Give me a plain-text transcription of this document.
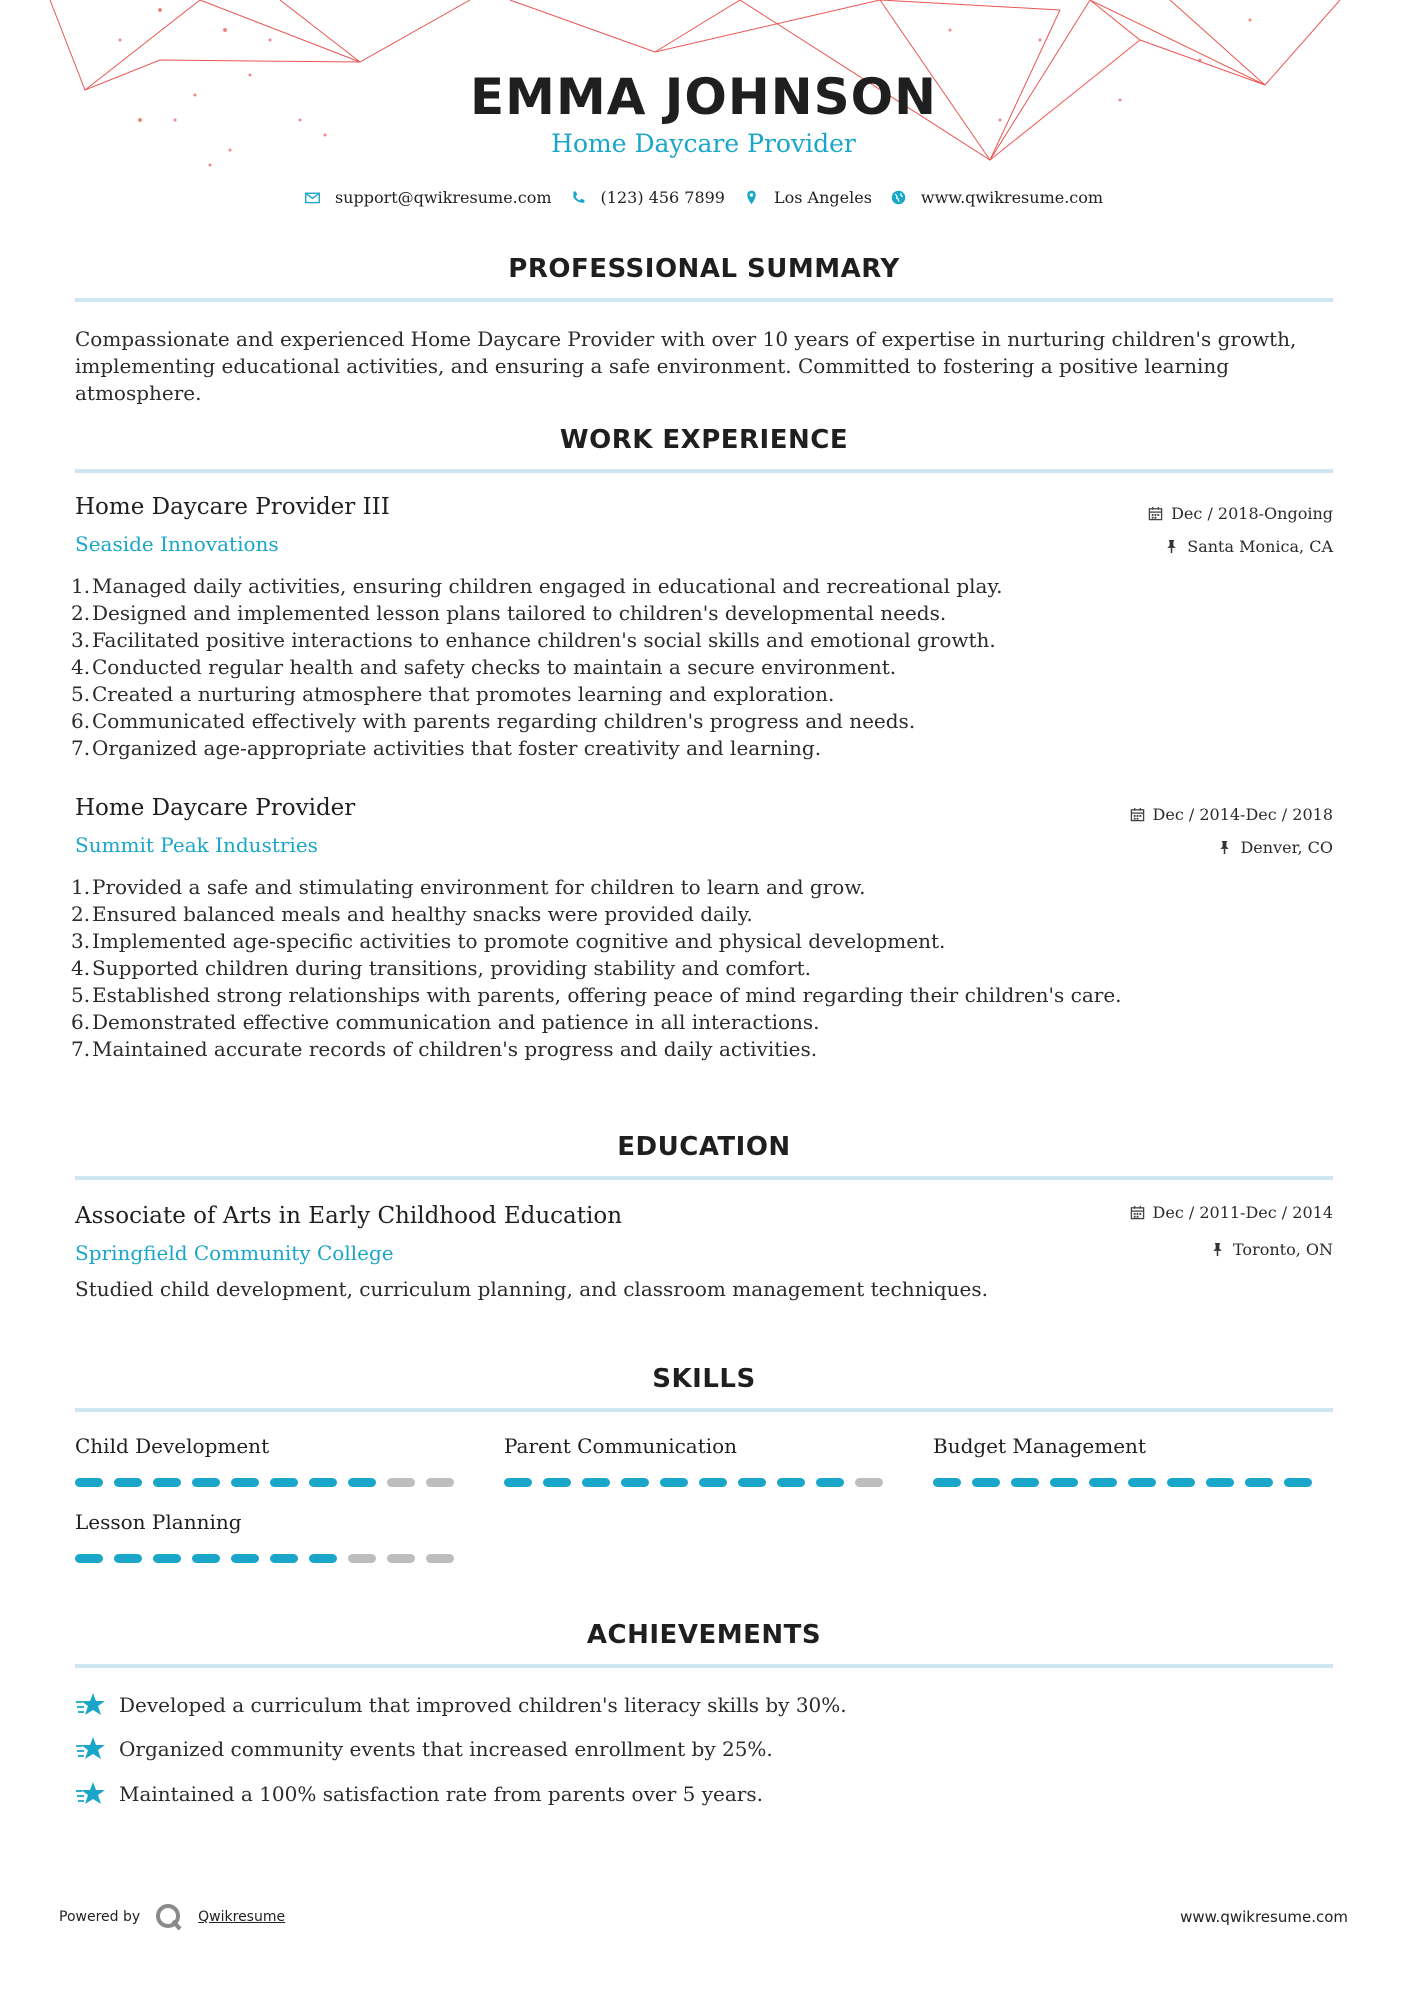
EMMA JOHNSON
Home Daycare Provider
support@qwikresume.com	(123) 456 7899	Los Angeles	www.qwikresume.com
PROFESSIONAL SUMMARY
Compassionate and experienced Home Daycare Provider with over 10 years of expertise in nurturing children's growth, implementing educational activities, and ensuring a safe environment. Committed to fostering a positive learning atmosphere.
WORK EXPERIENCE
Home Daycare Provider III
Seaside Innovations
Dec / 2018-Ongoing
Santa Monica, CA
1. Managed daily activities, ensuring children engaged in educational and recreational play.
2. Designed and implemented lesson plans tailored to children's developmental needs.
3. Facilitated positive interactions to enhance children's social skills and emotional growth.
4. Conducted regular health and safety checks to maintain a secure environment.
5. Created a nurturing atmosphere that promotes learning and exploration.
6. Communicated effectively with parents regarding children's progress and needs.
7. Organized age-appropriate activities that foster creativity and learning.
Home Daycare Provider
Summit Peak Industries
Dec / 2014-Dec / 2018
Denver, CO
1. Provided a safe and stimulating environment for children to learn and grow.
2. Ensured balanced meals and healthy snacks were provided daily.
3. Implemented age-specific activities to promote cognitive and physical development.
4. Supported children during transitions, providing stability and comfort.
5. Established strong relationships with parents, offering peace of mind regarding their children's care.
6. Demonstrated effective communication and patience in all interactions.
7. Maintained accurate records of children's progress and daily activities.
EDUCATION
Associate of Arts in Early Childhood Education
Springfield Community College
Dec / 2011-Dec / 2014
Toronto, ON
Studied child development, curriculum planning, and classroom management techniques.
SKILLS
Child Development	Parent Communication	Budget Management
Lesson Planning
ACHIEVEMENTS
Developed a curriculum that improved children's literacy skills by 30%.
Organized community events that increased enrollment by 25%.
Maintained a 100% satisfaction rate from parents over 5 years.
Powered by	Qwikresume	www.qwikresume.com
